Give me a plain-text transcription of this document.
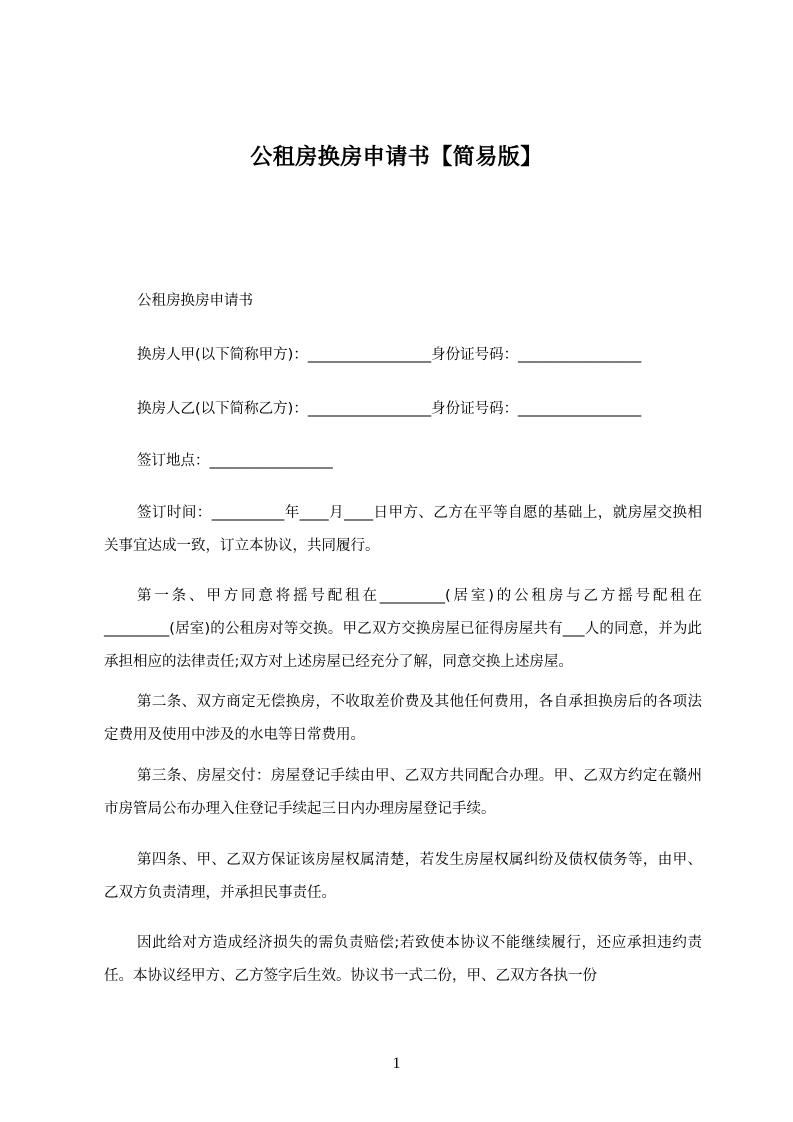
公租房换房申请书【简易版】
公租房换房申请书
换房人甲(以下简称甲方)：_________________身份证号码：_________________
换房人乙(以下简称乙方)：_________________身份证号码：_________________
签订地点：_________________
签订时间：__________年____月____日甲方、乙方在平等自愿的基础上，就房屋交换相关事宜达成一致，订立本协议，共同履行。
第一条、甲方同意将摇号配租在_________(居室)的公租房与乙方摇号配租在_________(居室)的公租房对等交换。甲乙双方交换房屋已征得房屋共有___人的同意，并为此承担相应的法律责任;双方对上述房屋已经充分了解，同意交换上述房屋。
第二条、双方商定无偿换房，不收取差价费及其他任何费用，各自承担换房后的各项法定费用及使用中涉及的水电等日常费用。
第三条、房屋交付：房屋登记手续由甲、乙双方共同配合办理。甲、乙双方约定在赣州市房管局公布办理入住登记手续起三日内办理房屋登记手续。
第四条、甲、乙双方保证该房屋权属清楚，若发生房屋权属纠纷及债权债务等，由甲、乙双方负责清理，并承担民事责任。
因此给对方造成经济损失的需负责赔偿;若致使本协议不能继续履行，还应承担违约责任。本协议经甲方、乙方签字后生效。协议书一式二份，甲、乙双方各执一份
1
